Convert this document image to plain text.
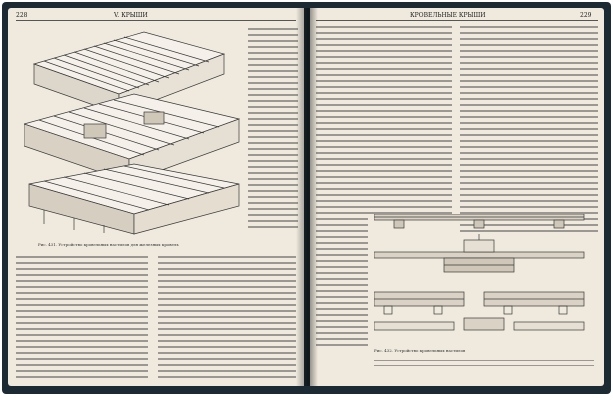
228	V. КРЫШИ
Рис. 431. Устройство кровельных настилов для железных кровель
КРОВЕЛЬНЫЕ КРЫШИ	229
Рис. 432. Устройство кровельных настилов
